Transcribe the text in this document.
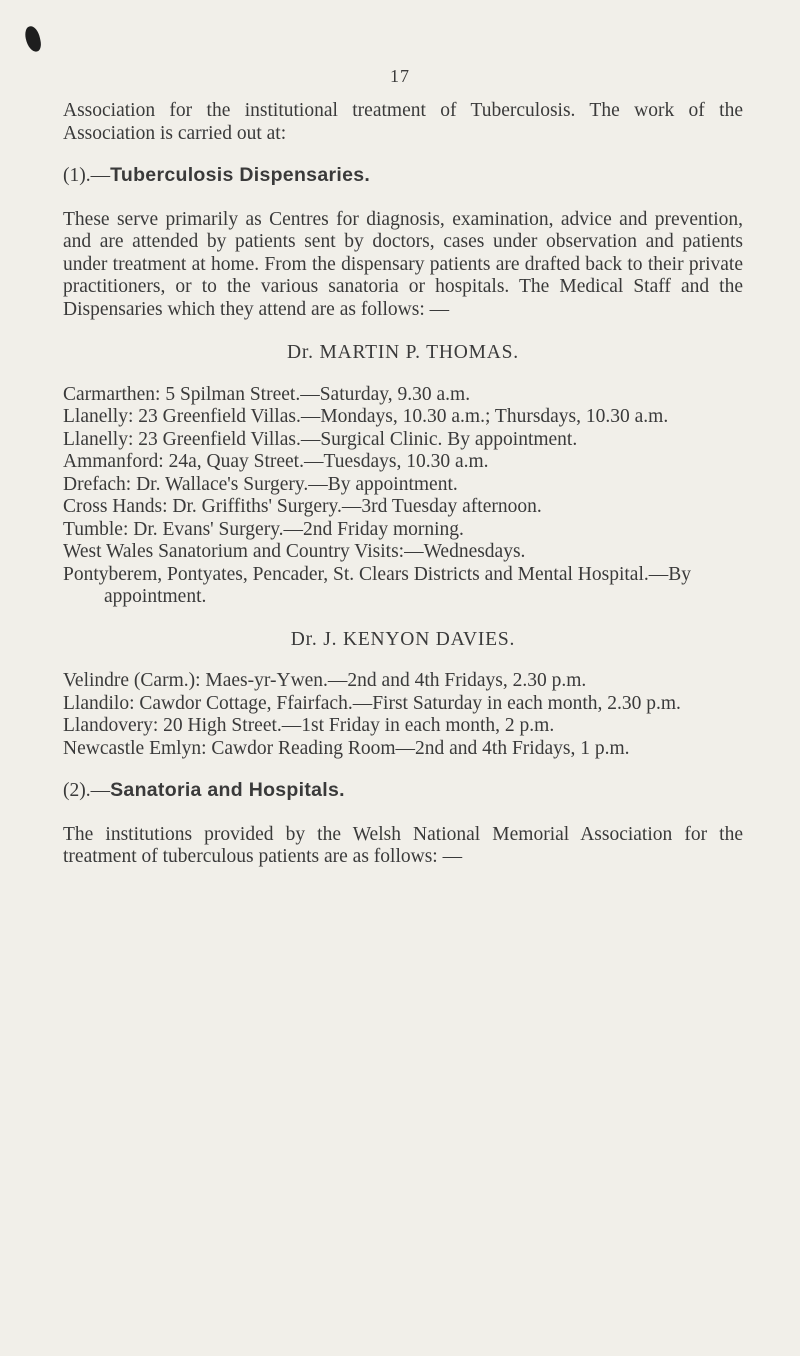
17

Association for the institutional treatment of Tuberculosis. The work of the Association is carried out at:

(1).—Tuberculosis Dispensaries.

These serve primarily as Centres for diagnosis, examination, advice and prevention, and are attended by patients sent by doctors, cases under observation and patients under treatment at home. From the dispensary patients are drafted back to their private practitioners, or to the various sanatoria or hospitals. The Medical Staff and the Dispensaries which they attend are as follows: —

Dr. MARTIN P. THOMAS.

Carmarthen: 5 Spilman Street.—Saturday, 9.30 a.m.
Llanelly: 23 Greenfield Villas.—Mondays, 10.30 a.m.; Thursdays, 10.30 a.m.
Llanelly: 23 Greenfield Villas.—Surgical Clinic. By appointment.
Ammanford: 24a, Quay Street.—Tuesdays, 10.30 a.m.
Drefach: Dr. Wallace's Surgery.—By appointment.
Cross Hands: Dr. Griffiths' Surgery.—3rd Tuesday afternoon.
Tumble: Dr. Evans' Surgery.—2nd Friday morning.
West Wales Sanatorium and Country Visits:—Wednesdays.
Pontyberem, Pontyates, Pencader, St. Clears Districts and Mental Hospital.—By appointment.

Dr. J. KENYON DAVIES.

Velindre (Carm.): Maes-yr-Ywen.—2nd and 4th Fridays, 2.30 p.m.
Llandilo: Cawdor Cottage, Ffairfach.—First Saturday in each month, 2.30 p.m.
Llandovery: 20 High Street.—1st Friday in each month, 2 p.m.
Newcastle Emlyn: Cawdor Reading Room—2nd and 4th Fridays, 1 p.m.

(2).—Sanatoria and Hospitals.

The institutions provided by the Welsh National Memorial Association for the treatment of tuberculous patients are as follows: —
